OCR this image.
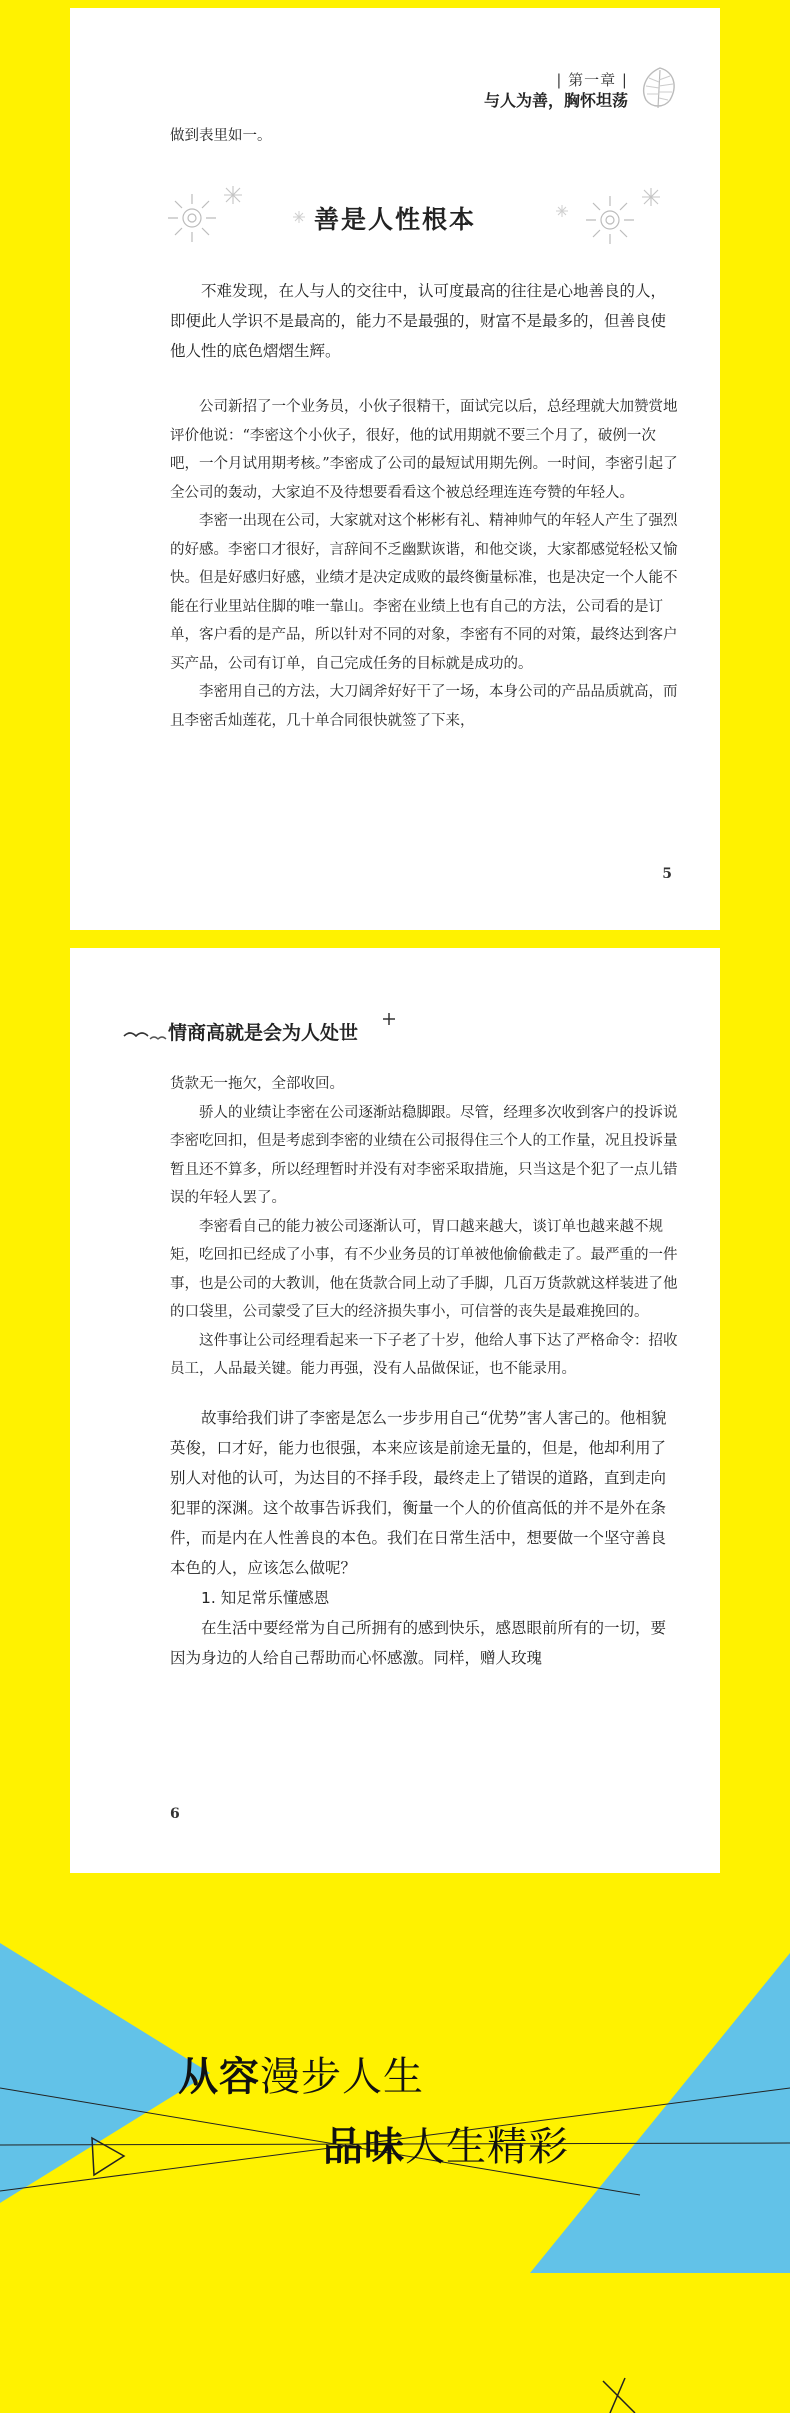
| 第一章 |
与人为善，胸怀坦荡

做到表里如一。

善是人性根本

不难发现，在人与人的交往中，认可度最高的往往是心地善良的人，即便此人学识不是最高的，能力不是最强的，财富不是最多的，但善良使他人性的底色熠熠生辉。

公司新招了一个业务员，小伙子很精干，面试完以后，总经理就大加赞赏地评价他说：“李密这个小伙子，很好，他的试用期就不要三个月了，破例一次吧，一个月试用期考核。”李密成了公司的最短试用期先例。一时间，李密引起了全公司的轰动，大家迫不及待想要看看这个被总经理连连夸赞的年轻人。

李密一出现在公司，大家就对这个彬彬有礼、精神帅气的年轻人产生了强烈的好感。李密口才很好，言辞间不乏幽默诙谐，和他交谈，大家都感觉轻松又愉快。但是好感归好感，业绩才是决定成败的最终衡量标准，也是决定一个人能不能在行业里站住脚的唯一靠山。李密在业绩上也有自己的方法，公司看的是订单，客户看的是产品，所以针对不同的对象，李密有不同的对策，最终达到客户买产品，公司有订单，自己完成任务的目标就是成功的。

李密用自己的方法，大刀阔斧好好干了一场，本身公司的产品品质就高，而且李密舌灿莲花，几十单合同很快就签了下来，

5
情商高就是会为人处世

货款无一拖欠，全部收回。

骄人的业绩让李密在公司逐渐站稳脚跟。尽管，经理多次收到客户的投诉说李密吃回扣，但是考虑到李密的业绩在公司报得住三个人的工作量，况且投诉量暂且还不算多，所以经理暂时并没有对李密采取措施，只当这是个犯了一点儿错误的年轻人罢了。

李密看自己的能力被公司逐渐认可，胃口越来越大，谈订单也越来越不规矩，吃回扣已经成了小事，有不少业务员的订单被他偷偷截走了。最严重的一件事，也是公司的大教训，他在货款合同上动了手脚，几百万货款就这样装进了他的口袋里，公司蒙受了巨大的经济损失事小，可信誉的丧失是最难挽回的。

这件事让公司经理看起来一下子老了十岁，他给人事下达了严格命令：招收员工，人品最关键。能力再强，没有人品做保证，也不能录用。

故事给我们讲了李密是怎么一步步用自己“优势”害人害己的。他相貌英俊，口才好，能力也很强，本来应该是前途无量的，但是，他却利用了别人对他的认可，为达目的不择手段，最终走上了错误的道路，直到走向犯罪的深渊。这个故事告诉我们，衡量一个人的价值高低的并不是外在条件，而是内在人性善良的本色。我们在日常生活中，想要做一个坚守善良本色的人，应该怎么做呢？

1. 知足常乐懂感恩

在生活中要经常为自己所拥有的感到快乐，感恩眼前所有的一切，要因为身边的人给自己帮助而心怀感激。同样，赠人玫瑰

6
从容漫步人生
品味人生精彩
